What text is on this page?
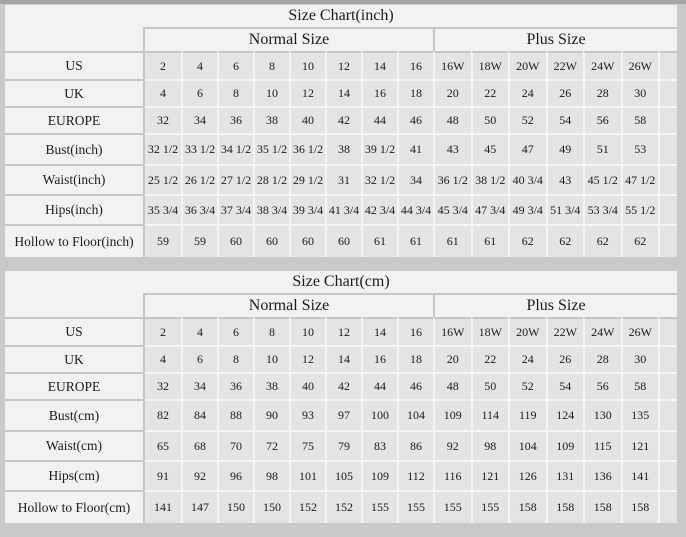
Size Chart(inch)															
	Normal Size								Plus Size						
US	2	4	6	8	10	12	14	16	16W	18W	20W	22W	24W	26W	
UK	4	6	8	10	12	14	16	18	20	22	24	26	28	30	
EUROPE	32	34	36	38	40	42	44	46	48	50	52	54	56	58	
Bust(inch)	32 1/2	33 1/2	34 1/2	35 1/2	36 1/2	38	39 1/2	41	43	45	47	49	51	53	
Waist(inch)	25 1/2	26 1/2	27 1/2	28 1/2	29 1/2	31	32 1/2	34	36 1/2	38 1/2	40 3/4	43	45 1/2	47 1/2	
Hips(inch)	35 3/4	36 3/4	37 3/4	38 3/4	39 3/4	41 3/4	42 3/4	44 3/4	45 3/4	47 3/4	49 3/4	51 3/4	53 3/4	55 1/2	
Hollow to Floor(inch)	59	59	60	60	60	60	61	61	61	61	62	62	62	62	
Size Chart(cm)															
	Normal Size								Plus Size						
US	2	4	6	8	10	12	14	16	16W	18W	20W	22W	24W	26W	
UK	4	6	8	10	12	14	16	18	20	22	24	26	28	30	
EUROPE	32	34	36	38	40	42	44	46	48	50	52	54	56	58	
Bust(cm)	82	84	88	90	93	97	100	104	109	114	119	124	130	135	
Waist(cm)	65	68	70	72	75	79	83	86	92	98	104	109	115	121	
Hips(cm)	91	92	96	98	101	105	109	112	116	121	126	131	136	141	
Hollow to Floor(cm)	141	147	150	150	152	152	155	155	155	155	158	158	158	158	
